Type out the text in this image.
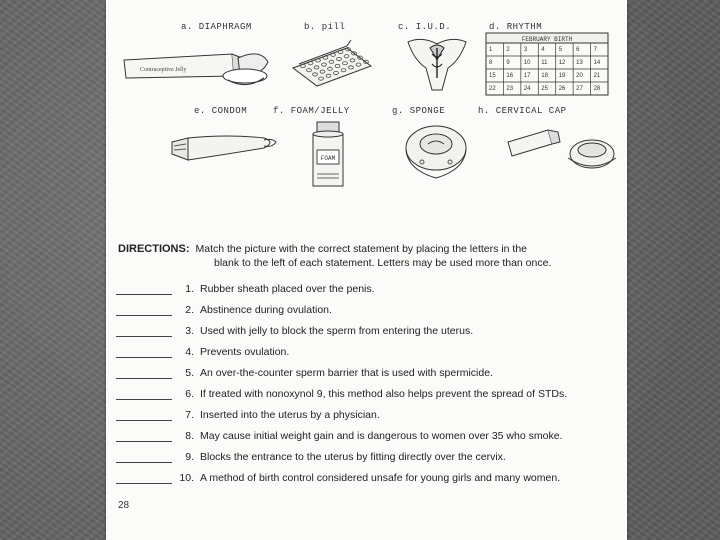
a. DIAPHRAGM	b. pill	c. I.U.D.	d. RHYTHM
e. CONDOM	f. FOAM/JELLY	g. SPONGE	h. CERVICAL CAP
Contraceptive Jelly
FEBRUARY BIRTH
1 2 3 4 5 6 7
8 9 10 11 12 13 14
15 16 17 18 19 20 21
22 23 24 25 26 27 28
FOAM
DIRECTIONS: Match the picture with the correct statement by placing the letters in the
blank to the left of each statement. Letters may be used more than once.
1. Rubber sheath placed over the penis.
2. Abstinence during ovulation.
3. Used with jelly to block the sperm from entering the uterus.
4. Prevents ovulation.
5. An over-the-counter sperm barrier that is used with spermicide.
6. If treated with nonoxynol 9, this method also helps prevent the spread of STDs.
7. Inserted into the uterus by a physician.
8. May cause initial weight gain and is dangerous to women over 35 who smoke.
9. Blocks the entrance to the uterus by fitting directly over the cervix.
10. A method of birth control considered unsafe for young girls and many women.
28
